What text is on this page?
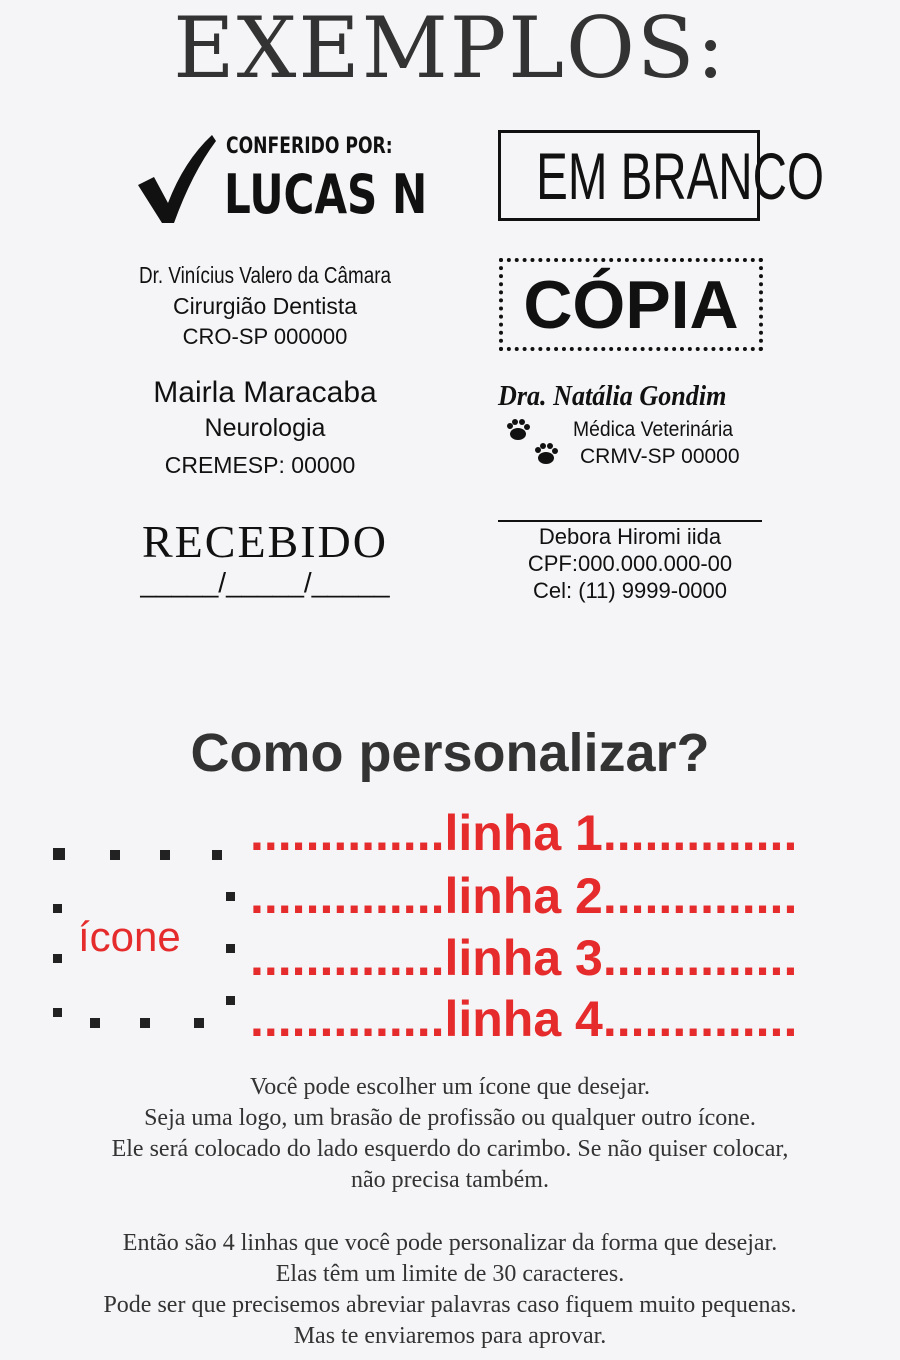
EXEMPLOS:
CONFERIDO POR:
LUCAS N EM BRANCO
Dr. Vinícius Valero da Câmara
Cirurgião Dentista
CRO-SP 000000	CÓPIA
Mairla Maracaba
Neurologia
CREMESP: 00000
Dra. Natália Gondim
Médica Veterinária
CRMV-SP 00000
RECEBIDO
_____/_____/_____
Debora Hiromi iida
CPF:000.000.000-00
Cel: (11) 9999-0000
Como personalizar?
ícone
..............linha 1..............
..............linha 2..............
..............linha 3..............
..............linha 4..............
Você pode escolher um ícone que desejar.
Seja uma logo, um brasão de profissão ou qualquer outro ícone.
Ele será colocado do lado esquerdo do carimbo. Se não quiser colocar,
não precisa também.
Então são 4 linhas que você pode personalizar da forma que desejar.
Elas têm um limite de 30 caracteres.
Pode ser que precisemos abreviar palavras caso fiquem muito pequenas.
Mas te enviaremos para aprovar.
